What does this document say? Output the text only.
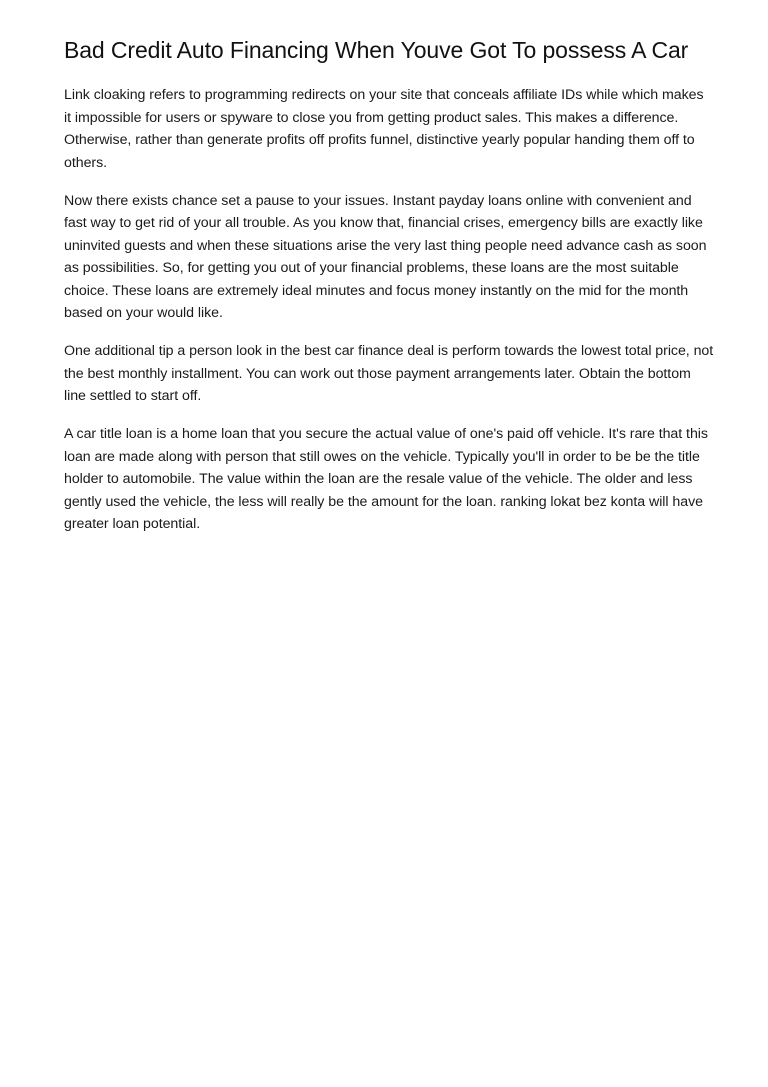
Bad Credit Auto Financing When Youve Got To possess A Car

Link cloaking refers to programming redirects on your site that conceals affiliate IDs while which makes it impossible for users or spyware to close you from getting product sales. This makes a difference. Otherwise, rather than generate profits off profits funnel, distinctive yearly popular handing them off to others.

Now there exists chance set a pause to your issues. Instant payday loans online with convenient and fast way to get rid of your all trouble. As you know that, financial crises, emergency bills are exactly like uninvited guests and when these situations arise the very last thing people need advance cash as soon as possibilities. So, for getting you out of your financial problems, these loans are the most suitable choice. These loans are extremely ideal minutes and focus money instantly on the mid for the month based on your would like.

One additional tip a person look in the best car finance deal is perform towards the lowest total price, not the best monthly installment. You can work out those payment arrangements later. Obtain the bottom line settled to start off.

A car title loan is a home loan that you secure the actual value of one's paid off vehicle. It's rare that this loan are made along with person that still owes on the vehicle. Typically you'll in order to be be the title holder to automobile. The value within the loan are the resale value of the vehicle. The older and less gently used the vehicle, the less will really be the amount for the loan. ranking lokat bez konta will have greater loan potential.
